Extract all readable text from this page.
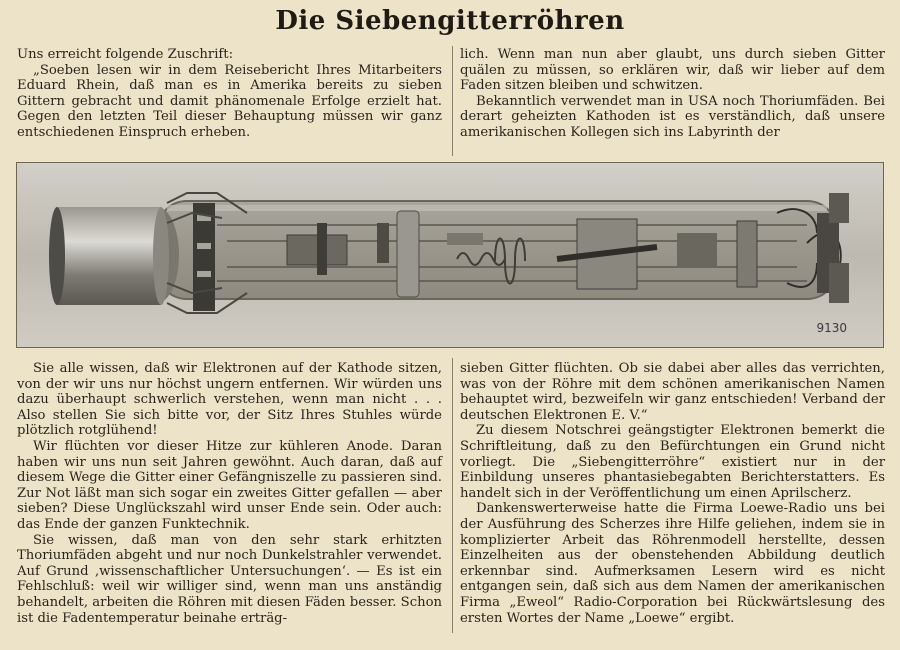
Die Siebengitterröhren

Uns erreicht folgende Zuschrift:

„Soeben lesen wir in dem Reisebericht Ihres Mitarbeiters Eduard Rhein, daß man es in Amerika bereits zu sieben Gittern gebracht und damit phänomenale Erfolge erzielt hat. Gegen den letzten Teil dieser Behauptung müssen wir ganz entschiedenen Einspruch erheben.

lich. Wenn man nun aber glaubt, uns durch sieben Gitter quälen zu müssen, so erklären wir, daß wir lieber auf dem Faden sitzen bleiben und schwitzen.

Bekanntlich verwendet man in USA noch Thoriumfäden. Bei derart geheizten Kathoden ist es verständlich, daß unsere amerikanischen Kollegen sich ins Labyrinth der

9130

Sie alle wissen, daß wir Elektronen auf der Kathode sitzen, von der wir uns nur höchst ungern entfernen. Wir würden uns dazu überhaupt schwerlich verstehen, wenn man nicht . . . Also stellen Sie sich bitte vor, der Sitz Ihres Stuhles würde plötzlich rotglühend!

Wir flüchten vor dieser Hitze zur kühleren Anode. Daran haben wir uns nun seit Jahren gewöhnt. Auch daran, daß auf diesem Wege die Gitter einer Gefängniszelle zu passieren sind. Zur Not läßt man sich sogar ein zweites Gitter gefallen — aber sieben? Diese Unglückszahl wird unser Ende sein. Oder auch: das Ende der ganzen Funktechnik.

Sie wissen, daß man von den sehr stark erhitzten Thoriumfäden abgeht und nur noch Dunkelstrahler verwendet. Auf Grund ‚wissenschaftlicher Untersuchungen‘. — Es ist ein Fehlschluß: weil wir williger sind, wenn man uns anständig behandelt, arbeiten die Röhren mit diesen Fäden besser. Schon ist die Fadentemperatur beinahe erträg-

sieben Gitter flüchten. Ob sie dabei aber alles das verrichten, was von der Röhre mit dem schönen amerikanischen Namen behauptet wird, bezweifeln wir ganz entschieden! Verband der deutschen Elektronen E. V.“

Zu diesem Notschrei geängstigter Elektronen bemerkt die Schriftleitung, daß zu den Befürchtungen ein Grund nicht vorliegt. Die „Siebengitterröhre“ existiert nur in der Einbildung unseres phantasiebegabten Berichterstatters. Es handelt sich in der Veröffentlichung um einen Aprilscherz.

Dankenswerterweise hatte die Firma Loewe-Radio uns bei der Ausführung des Scherzes ihre Hilfe geliehen, indem sie in komplizierter Arbeit das Röhrenmodell herstellte, dessen Einzelheiten aus der obenstehenden Abbildung deutlich erkennbar sind. Aufmerksamen Lesern wird es nicht entgangen sein, daß sich aus dem Namen der amerikanischen Firma „Eweol“ Radio-Corporation bei Rückwärtslesung des ersten Wortes der Name „Loewe“ ergibt.
